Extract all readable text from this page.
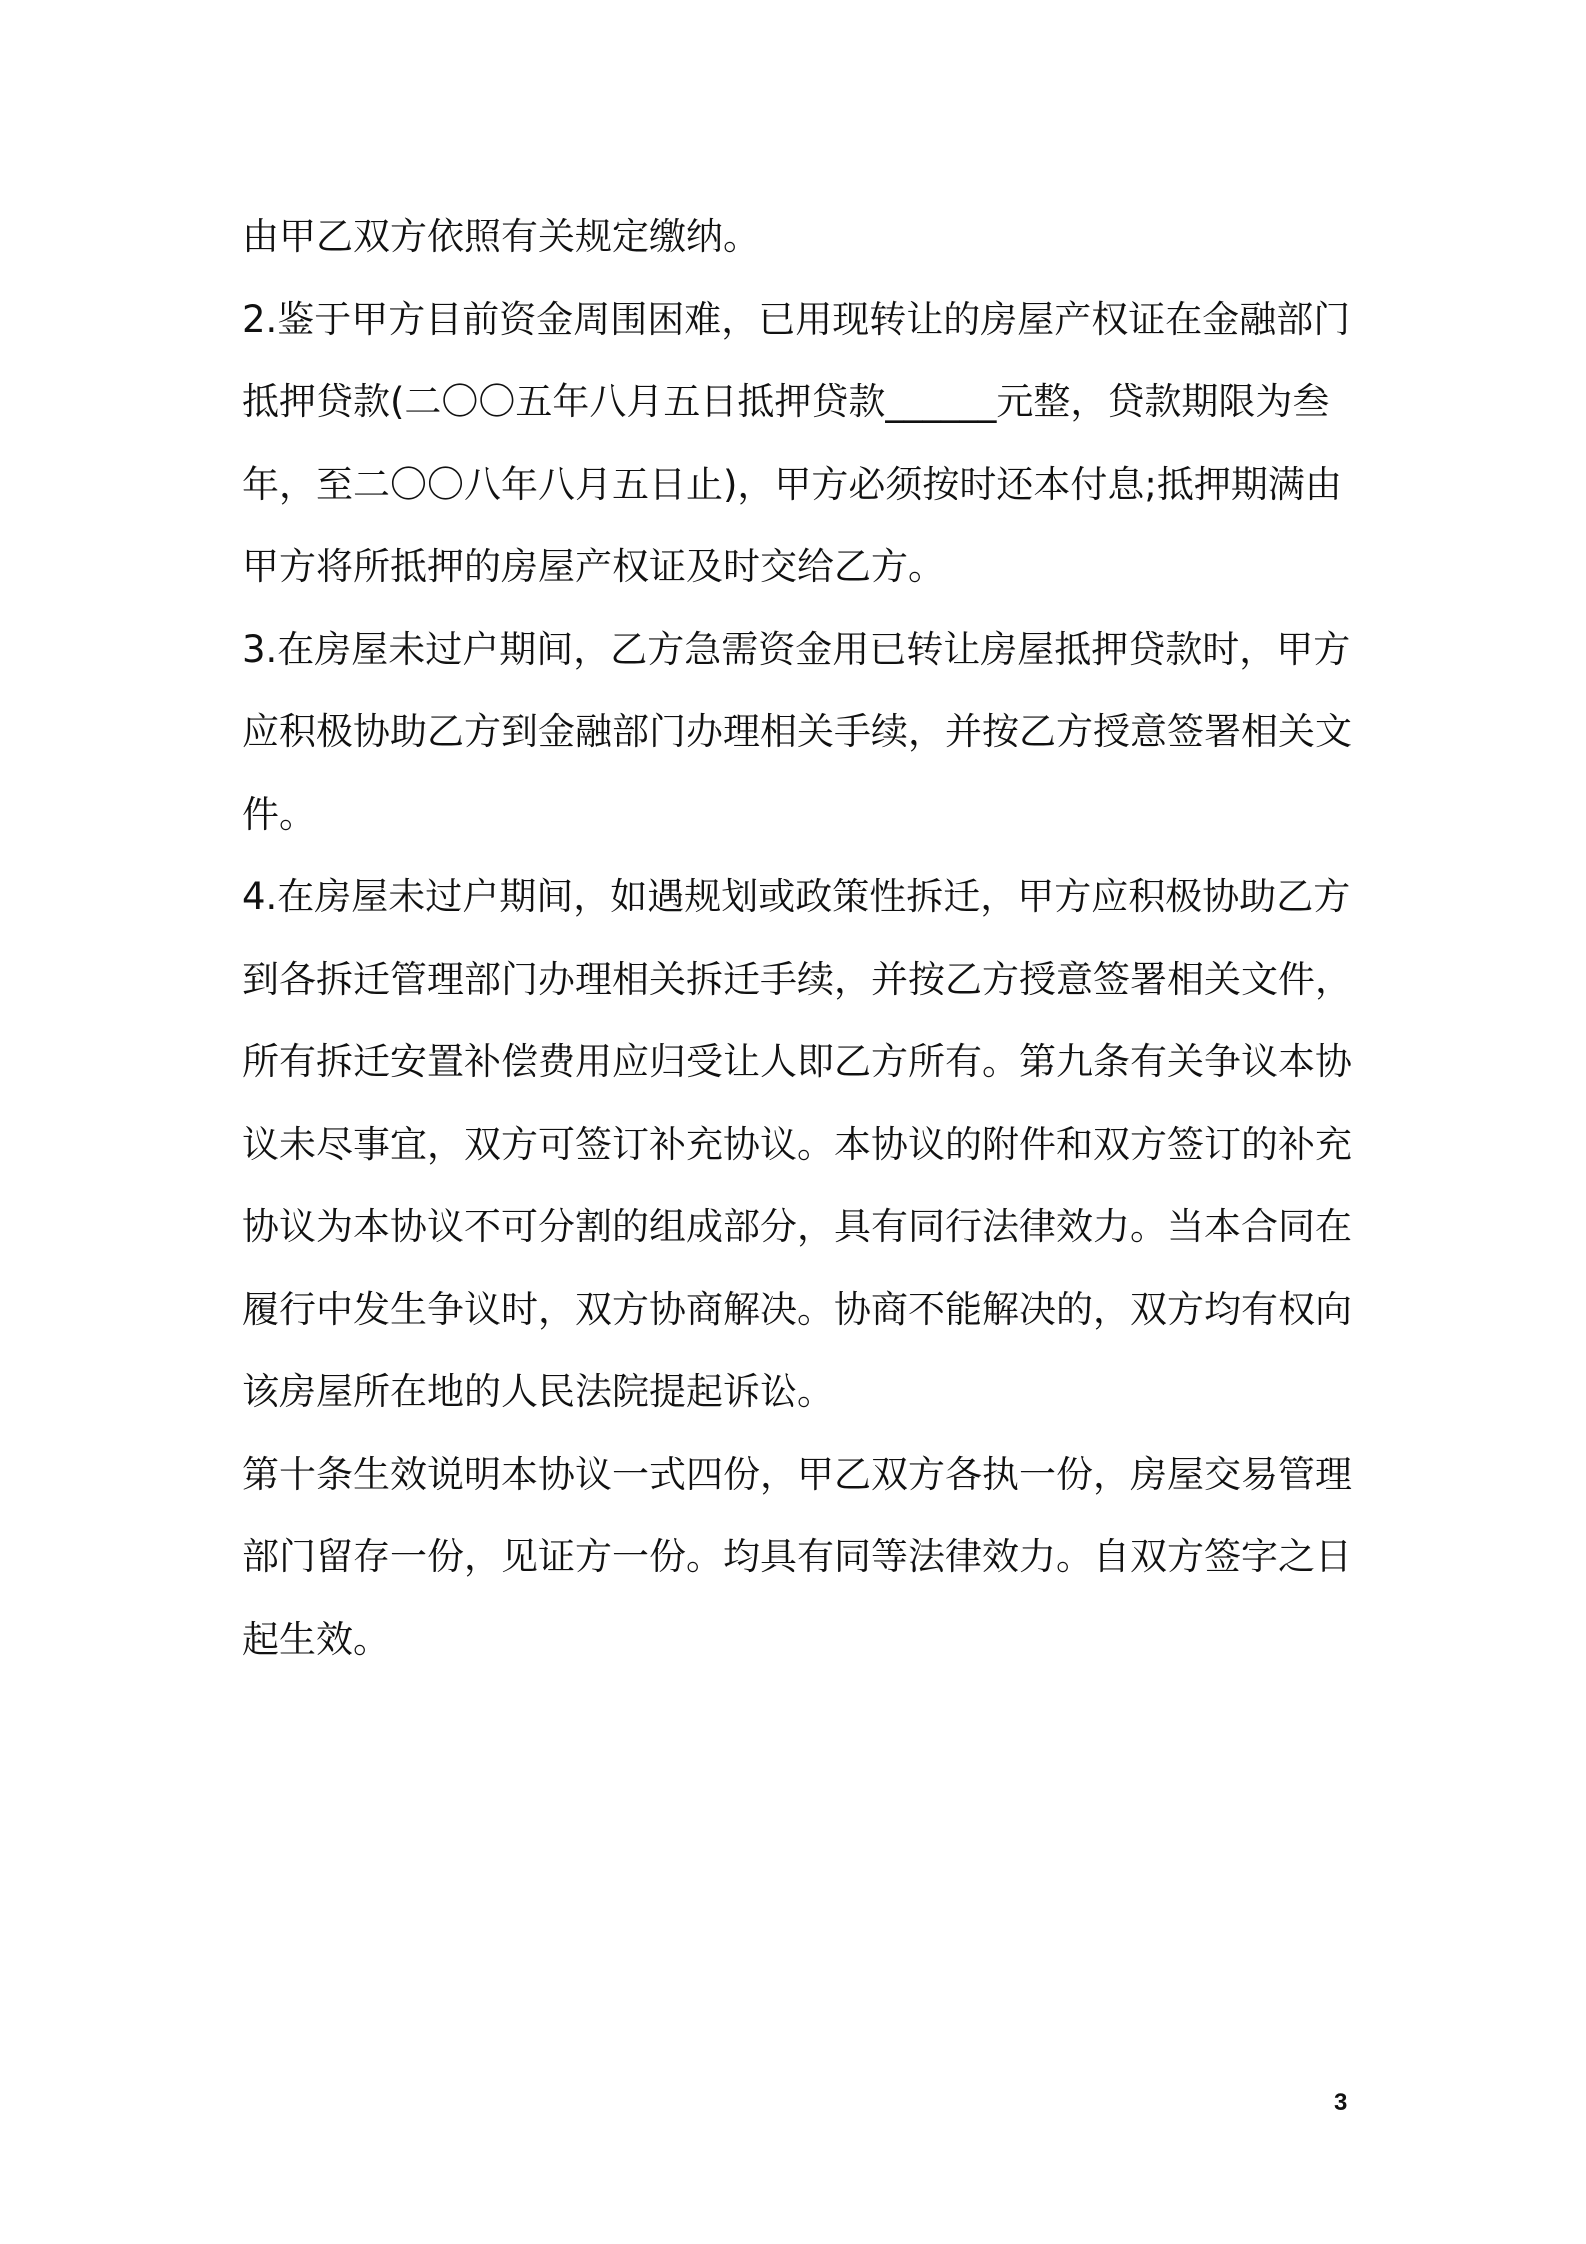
由甲乙双方依照有关规定缴纳。
2.鉴于甲方目前资金周围困难，已用现转让的房屋产权证在金融部门
抵押贷款(二〇〇五年八月五日抵押贷款______元整，贷款期限为叁
年，至二〇〇八年八月五日止)，甲方必须按时还本付息;抵押期满由
甲方将所抵押的房屋产权证及时交给乙方。
3.在房屋未过户期间，乙方急需资金用已转让房屋抵押贷款时，甲方
应积极协助乙方到金融部门办理相关手续，并按乙方授意签署相关文
件。
4.在房屋未过户期间，如遇规划或政策性拆迁，甲方应积极协助乙方
到各拆迁管理部门办理相关拆迁手续，并按乙方授意签署相关文件，
所有拆迁安置补偿费用应归受让人即乙方所有。第九条有关争议本协
议未尽事宜，双方可签订补充协议。本协议的附件和双方签订的补充
协议为本协议不可分割的组成部分，具有同行法律效力。当本合同在
履行中发生争议时，双方协商解决。协商不能解决的，双方均有权向
该房屋所在地的人民法院提起诉讼。
第十条生效说明本协议一式四份，甲乙双方各执一份，房屋交易管理
部门留存一份，见证方一份。均具有同等法律效力。自双方签字之日
起生效。
3
